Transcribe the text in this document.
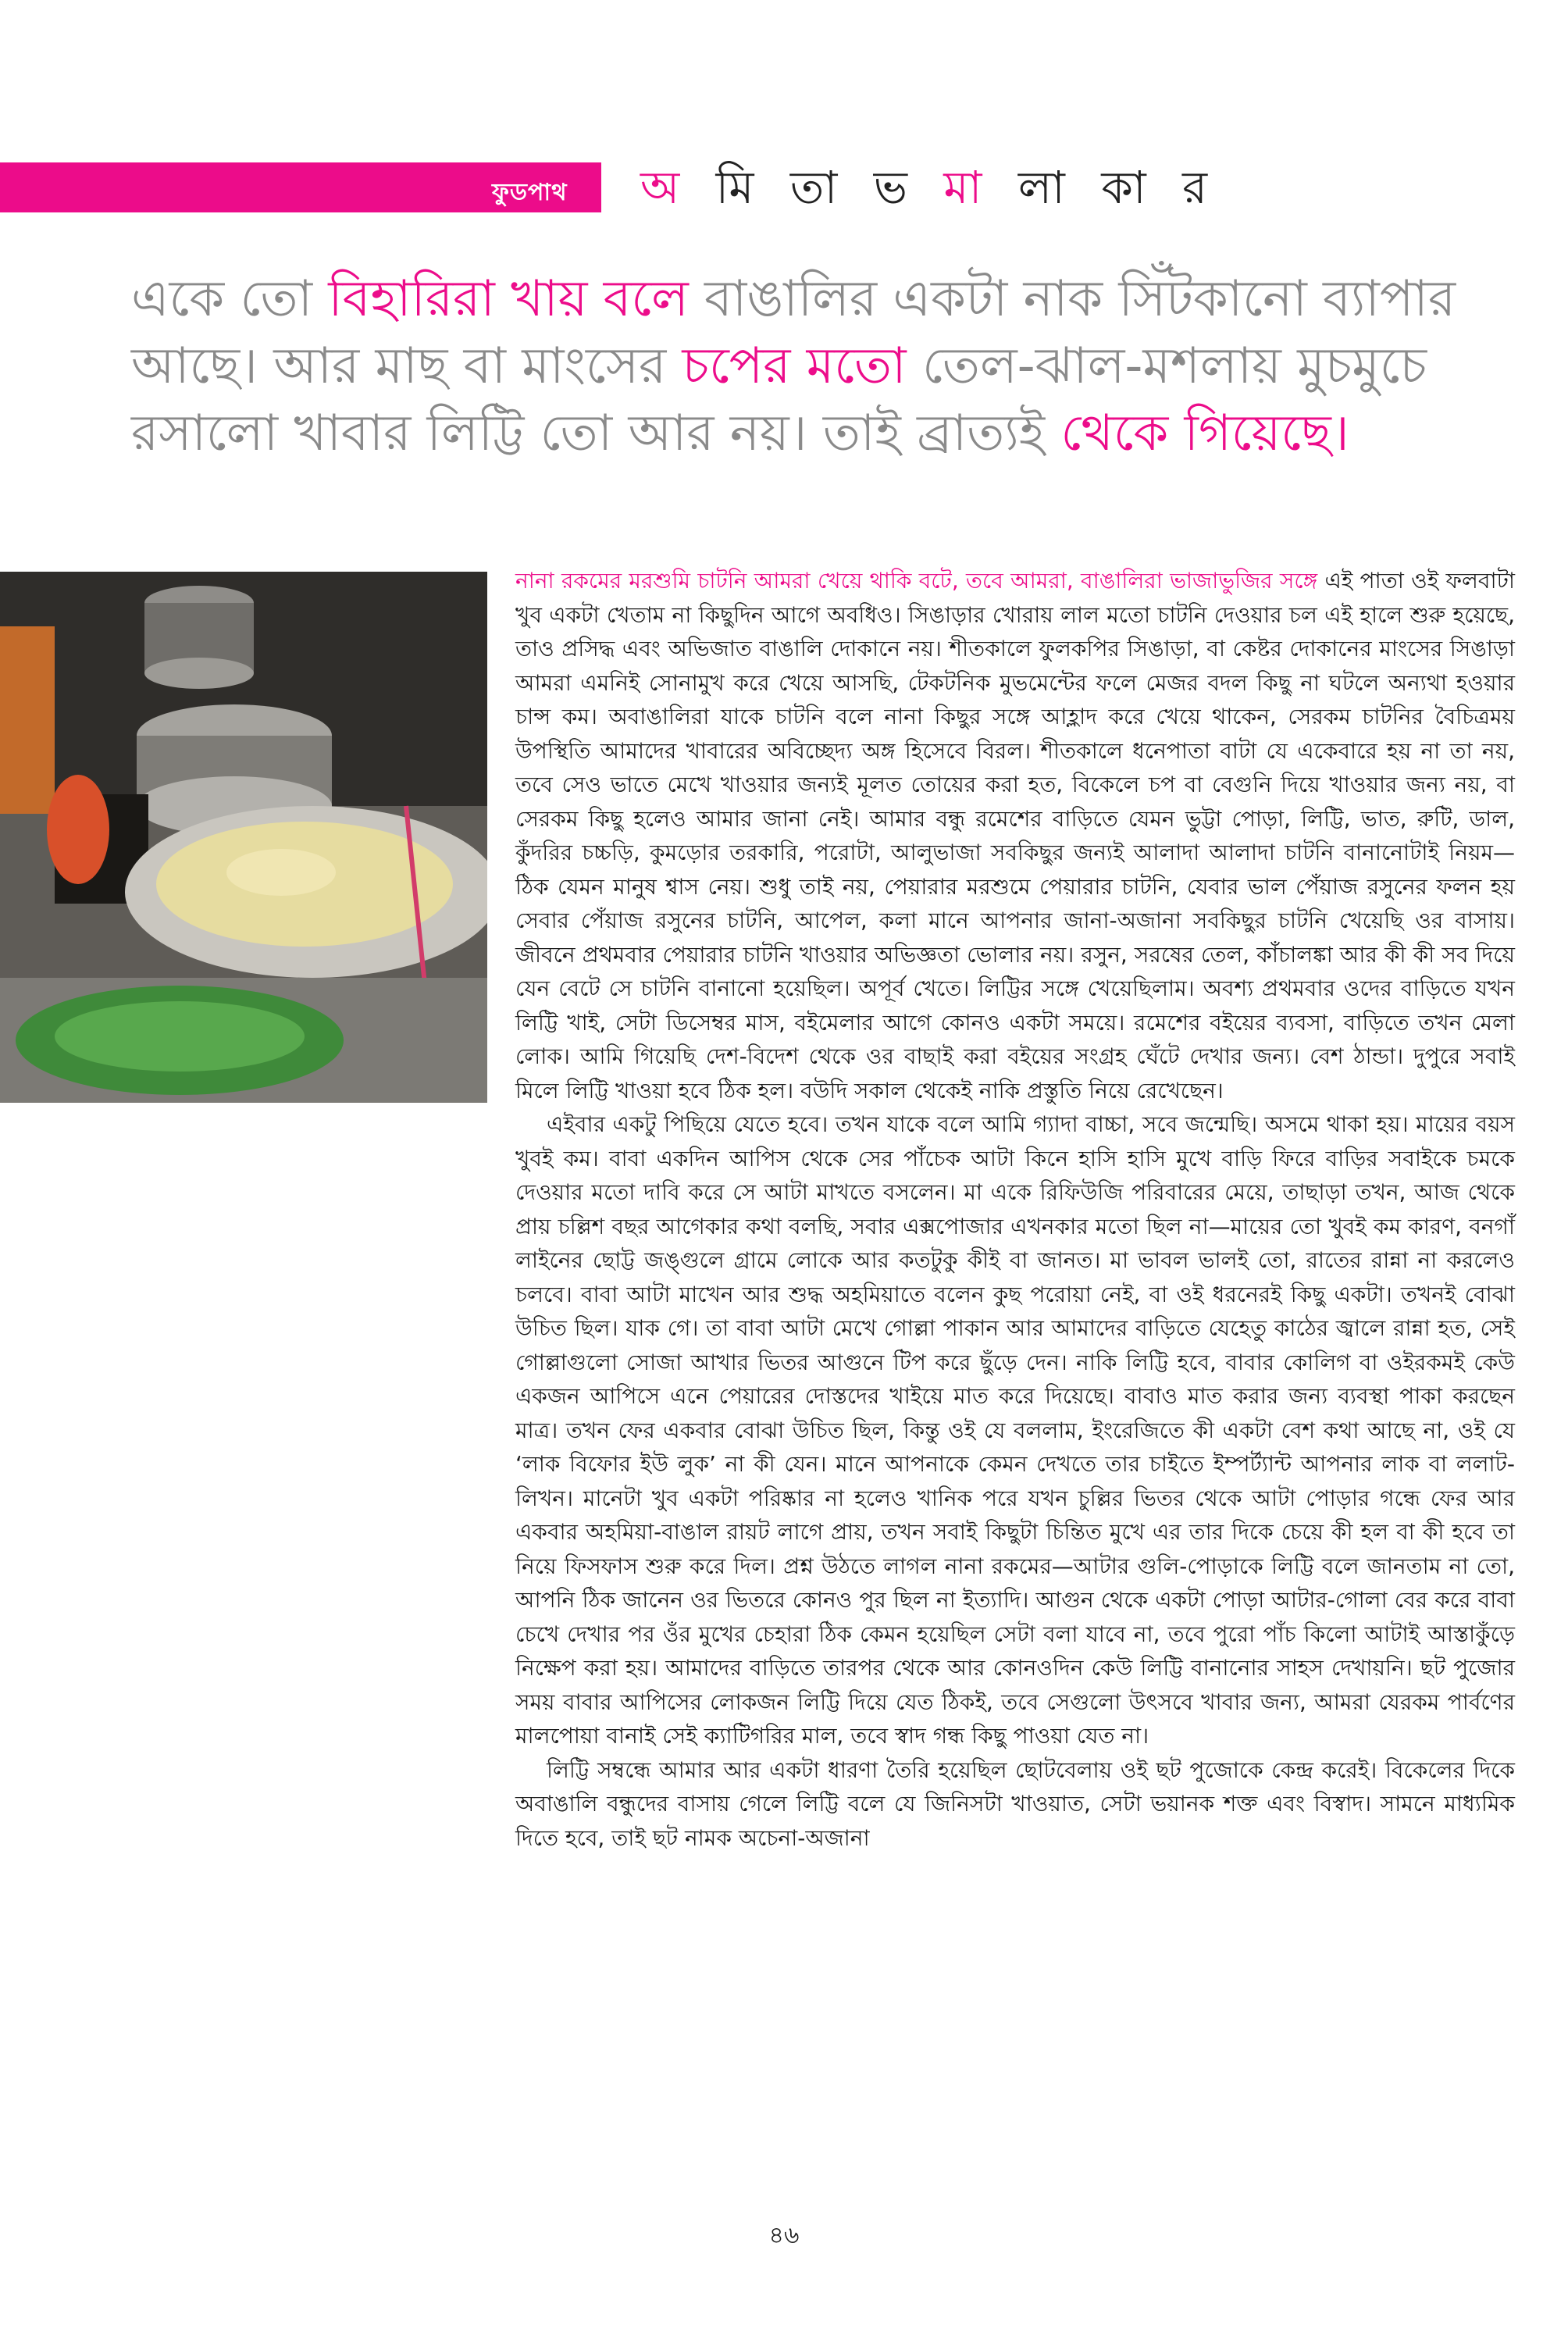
ফুডপাথ অ মি তা ভ মা লা কা র

একে তো বিহারিরা খায় বলে বাঙালির একটা নাক সিঁটকানো ব্যাপার আছে। আর মাছ বা মাংসের চপের মতো তেল-ঝাল-মশলায় মুচমুচে রসালো খাবার লিট্টি তো আর নয়। তাই ব্রাত্যই থেকে গিয়েছে।

নানা রকমের মরশুমি চাটনি আমরা খেয়ে থাকি বটে, তবে আমরা, বাঙালিরা ভাজাভুজির সঙ্গে এই পাতা ওই ফলবাটা খুব একটা খেতাম না কিছুদিন আগে অবধিও। সিঙাড়ার খোরায় লাল মতো চাটনি দেওয়ার চল এই হালে শুরু হয়েছে, তাও প্রসিদ্ধ এবং অভিজাত বাঙালি দোকানে নয়। শীতকালে ফুলকপির সিঙাড়া, বা কেষ্টর দোকানের মাংসের সিঙাড়া আমরা এমনিই সোনামুখ করে খেয়ে আসছি, টেকটনিক মুভমেন্টের ফলে মেজর বদল কিছু না ঘটলে অন্যথা হওয়ার চান্স কম। অবাঙালিরা যাকে চাটনি বলে নানা কিছুর সঙ্গে আহ্লাদ করে খেয়ে থাকেন, সেরকম চাটনির বৈচিত্রময় উপস্থিতি আমাদের খাবারের অবিচ্ছেদ্য অঙ্গ হিসেবে বিরল। শীতকালে ধনেপাতা বাটা যে একেবারে হয় না তা নয়, তবে সেও ভাতে মেখে খাওয়ার জন্যই মূলত তোয়ের করা হত, বিকেলে চপ বা বেগুনি দিয়ে খাওয়ার জন্য নয়, বা সেরকম কিছু হলেও আমার জানা নেই। আমার বন্ধু রমেশের বাড়িতে যেমন ভুট্টা পোড়া, লিট্টি, ভাত, রুটি, ডাল, কুঁদরির চচ্চড়ি, কুমড়োর তরকারি, পরোটা, আলুভাজা সবকিছুর জন্যই আলাদা আলাদা চাটনি বানানোটাই নিয়ম—ঠিক যেমন মানুষ শ্বাস নেয়। শুধু তাই নয়, পেয়ারার মরশুমে পেয়ারার চাটনি, যেবার ভাল পেঁয়াজ রসুনের ফলন হয় সেবার পেঁয়াজ রসুনের চাটনি, আপেল, কলা মানে আপনার জানা-অজানা সবকিছুর চাটনি খেয়েছি ওর বাসায়। জীবনে প্রথমবার পেয়ারার চাটনি খাওয়ার অভিজ্ঞতা ভোলার নয়। রসুন, সরষের তেল, কাঁচালঙ্কা আর কী কী সব দিয়ে যেন বেটে সে চাটনি বানানো হয়েছিল। অপূর্ব খেতে। লিট্টির সঙ্গে খেয়েছিলাম। অবশ্য প্রথমবার ওদের বাড়িতে যখন লিট্টি খাই, সেটা ডিসেম্বর মাস, বইমেলার আগে কোনও একটা সময়ে। রমেশের বইয়ের ব্যবসা, বাড়িতে তখন মেলা লোক। আমি গিয়েছি দেশ-বিদেশ থেকে ওর বাছাই করা বইয়ের সংগ্রহ ঘেঁটে দেখার জন্য। বেশ ঠান্ডা। দুপুরে সবাই মিলে লিট্টি খাওয়া হবে ঠিক হল। বউদি সকাল থেকেই নাকি প্রস্তুতি নিয়ে রেখেছেন।

এইবার একটু পিছিয়ে যেতে হবে। তখন যাকে বলে আমি গ্যাদা বাচ্চা, সবে জন্মেছি। অসমে থাকা হয়। মায়ের বয়স খুবই কম। বাবা একদিন আপিস থেকে সের পাঁচেক আটা কিনে হাসি হাসি মুখে বাড়ি ফিরে বাড়ির সবাইকে চমকে দেওয়ার মতো দাবি করে সে আটা মাখতে বসলেন। মা একে রিফিউজি পরিবারের মেয়ে, তাছাড়া তখন, আজ থেকে প্রায় চল্লিশ বছর আগেকার কথা বলছি, সবার এক্সপোজার এখনকার মতো ছিল না—মায়ের তো খুবই কম কারণ, বনগাঁ লাইনের ছোট্ট জঙ্গুলে গ্রামে লোকে আর কতটুকু কীই বা জানত। মা ভাবল ভালই তো, রাতের রান্না না করলেও চলবে। বাবা আটা মাখেন আর শুদ্ধ অহমিয়াতে বলেন কুছ পরোয়া নেই, বা ওই ধরনেরই কিছু একটা। তখনই বোঝা উচিত ছিল। যাক গে। তা বাবা আটা মেখে গোল্লা পাকান আর আমাদের বাড়িতে যেহেতু কাঠের জ্বালে রান্না হত, সেই গোল্লাগুলো সোজা আখার ভিতর আগুনে টিপ করে ছুঁড়ে দেন। নাকি লিট্টি হবে, বাবার কোলিগ বা ওইরকমই কেউ একজন আপিসে এনে পেয়ারের দোস্তদের খাইয়ে মাত করে দিয়েছে। বাবাও মাত করার জন্য ব্যবস্থা পাকা করছেন মাত্র। তখন ফের একবার বোঝা উচিত ছিল, কিন্তু ওই যে বললাম, ইংরেজিতে কী একটা বেশ কথা আছে না, ওই যে ‘লাক বিফোর ইউ লুক’ না কী যেন। মানে আপনাকে কেমন দেখতে তার চাইতে ইম্পর্ট্যান্ট আপনার লাক বা ললাট-লিখন। মানেটা খুব একটা পরিষ্কার না হলেও খানিক পরে যখন চুল্লির ভিতর থেকে আটা পোড়ার গন্ধে ফের আর একবার অহমিয়া-বাঙাল রায়ট লাগে প্রায়, তখন সবাই কিছুটা চিন্তিত মুখে এর তার দিকে চেয়ে কী হল বা কী হবে তা নিয়ে ফিসফাস শুরু করে দিল। প্রশ্ন উঠতে লাগল নানা রকমের—আটার গুলি-পোড়াকে লিট্টি বলে জানতাম না তো, আপনি ঠিক জানেন ওর ভিতরে কোনও পুর ছিল না ইত্যাদি। আগুন থেকে একটা পোড়া আটার-গোলা বের করে বাবা চেখে দেখার পর ওঁর মুখের চেহারা ঠিক কেমন হয়েছিল সেটা বলা যাবে না, তবে পুরো পাঁচ কিলো আটাই আস্তাকুঁড়ে নিক্ষেপ করা হয়। আমাদের বাড়িতে তারপর থেকে আর কোনওদিন কেউ লিট্টি বানানোর সাহস দেখায়নি। ছট পুজোর সময় বাবার আপিসের লোকজন লিট্টি দিয়ে যেত ঠিকই, তবে সেগুলো উৎসবে খাবার জন্য, আমরা যেরকম পার্বণের মালপোয়া বানাই সেই ক্যাটিগরির মাল, তবে স্বাদ গন্ধ কিছু পাওয়া যেত না।

লিট্টি সম্বন্ধে আমার আর একটা ধারণা তৈরি হয়েছিল ছোটবেলায় ওই ছট পুজোকে কেন্দ্র করেই। বিকেলের দিকে অবাঙালি বন্ধুদের বাসায় গেলে লিট্টি বলে যে জিনিসটা খাওয়াত, সেটা ভয়ানক শক্ত এবং বিস্বাদ। সামনে মাধ্যমিক দিতে হবে, তাই ছট নামক অচেনা-অজানা

৪৬
